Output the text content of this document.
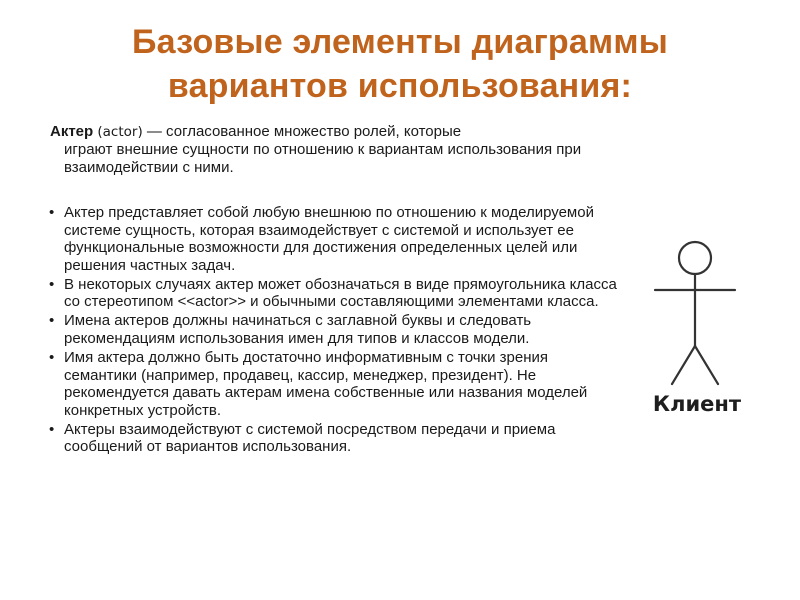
Базовые элементы диаграммы
вариантов использования:
Актер (actor) — согласованное множество ролей, которые
играют внешние сущности по отношению к вариантам использования при взаимодействии с ними.
• Актер представляет собой любую внешнюю по отношению к моделируемой системе сущность, которая взаимодействует с системой и использует ее функциональные возможности для достижения определенных целей или решения частных задач.
• В некоторых случаях актер может обозначаться в виде прямоугольника класса со стереотипом <<actor>> и обычными составляющими элементами класса.
• Имена актеров должны начинаться с заглавной буквы и следовать рекомендациям использования имен для типов и классов модели.
• Имя актера должно быть достаточно информативным с точки зрения семантики (например, продавец, кассир, менеджер, президент). Не рекомендуется давать актерам имена собственные или названия моделей конкретных устройств.
• Актеры взаимодействуют с системой посредством передачи и приема сообщений от вариантов использования.
Клиент
